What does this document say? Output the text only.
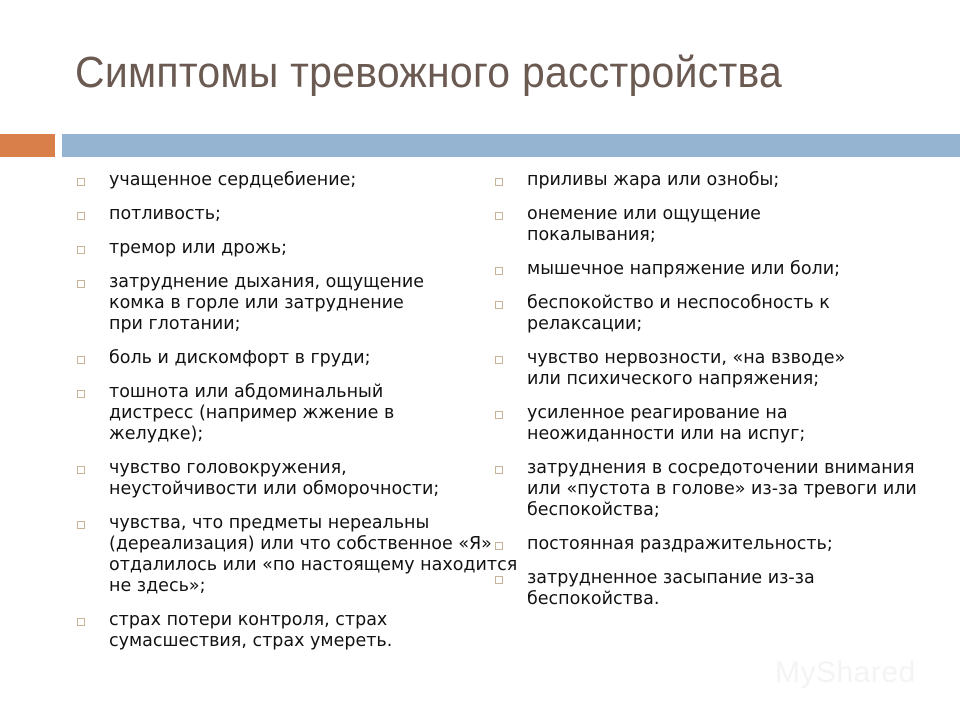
Симптомы тревожного расстройства
учащенное сердцебиение;
потливость;
тремор или дрожь;
затруднение дыхания, ощущение комка в горле или затруднение при глотании;
боль и дискомфорт в груди;
тошнота или абдоминальный дистресс (например жжение в желудке);
чувство головокружения, неустойчивости или обморочности;
чувства, что предметы нереальны (дереализация) или что собственное «Я» отдалилось или «по настоящему находится не здесь»;
страх потери контроля, страх сумасшествия, страх умереть.
приливы жара или ознобы;
онемение или ощущение покалывания;
мышечное напряжение или боли;
беспокойство и неспособность к релаксации;
чувство нервозности, «на взводе» или психического напряжения;
усиленное реагирование на неожиданности или на испуг;
затруднения в сосредоточении внимания или «пустота в голове» из-за тревоги или беспокойства;
постоянная раздражительность;
затрудненное засыпание из-за беспокойства.
MyShared
